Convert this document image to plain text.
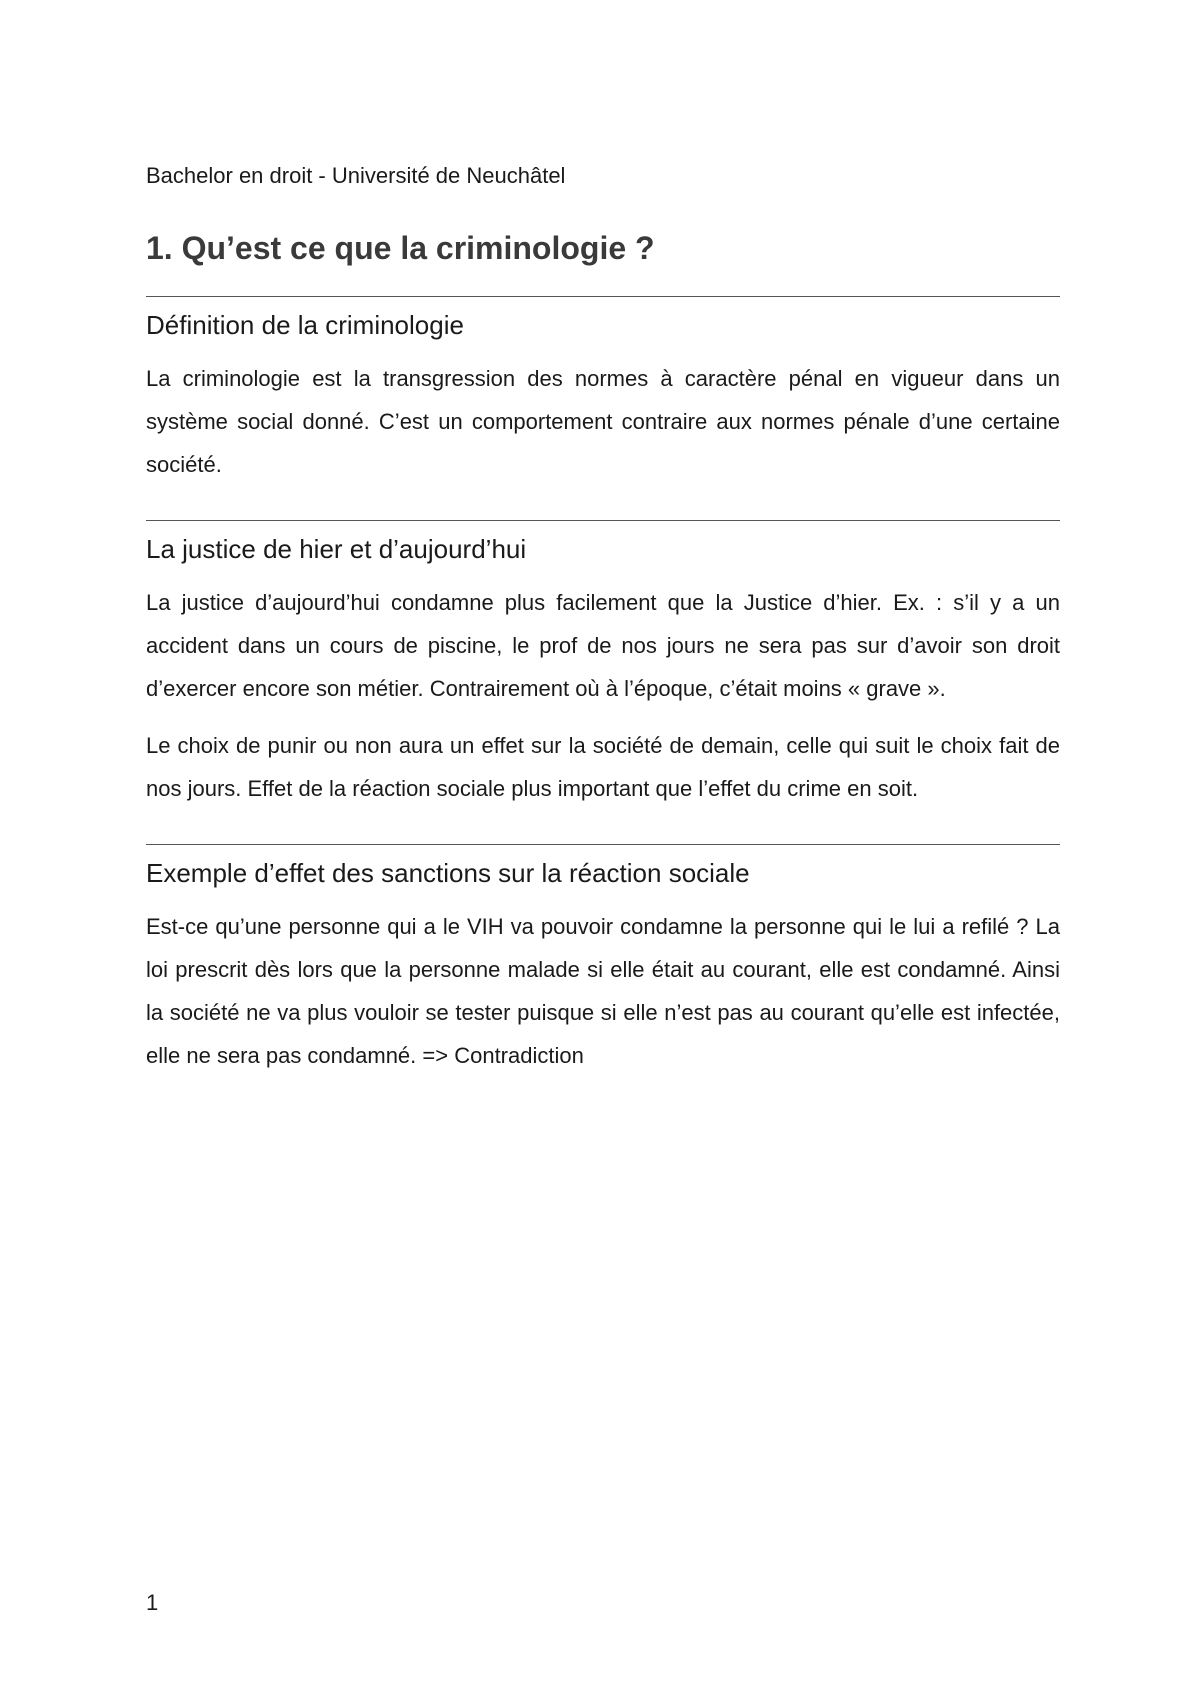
Bachelor en droit - Université de Neuchâtel

1. Qu’est ce que la criminologie ?
Définition de la criminologie

La criminologie est la transgression des normes à caractère pénal en vigueur dans un système social donné. C’est un comportement contraire aux normes pénale d’une certaine société.

La justice de hier et d’aujourd’hui

La justice d’aujourd’hui condamne plus facilement que la Justice d’hier. Ex. : s’il y a un accident dans un cours de piscine, le prof de nos jours ne sera pas sur d’avoir son droit d’exercer encore son métier. Contrairement où à l’époque, c’était moins « grave ».

Le choix de punir ou non aura un effet sur la société de demain, celle qui suit le choix fait de nos jours. Effet de la réaction sociale plus important que l’effet du crime en soit.

Exemple d’effet des sanctions sur la réaction sociale

Est-ce qu’une personne qui a le VIH va pouvoir condamne la personne qui le lui a refilé ? La loi prescrit dès lors que la personne malade si elle était au courant, elle est condamné. Ainsi la société ne va plus vouloir se tester puisque si elle n’est pas au courant qu’elle est infectée, elle ne sera pas condamné. => Contradiction

1
